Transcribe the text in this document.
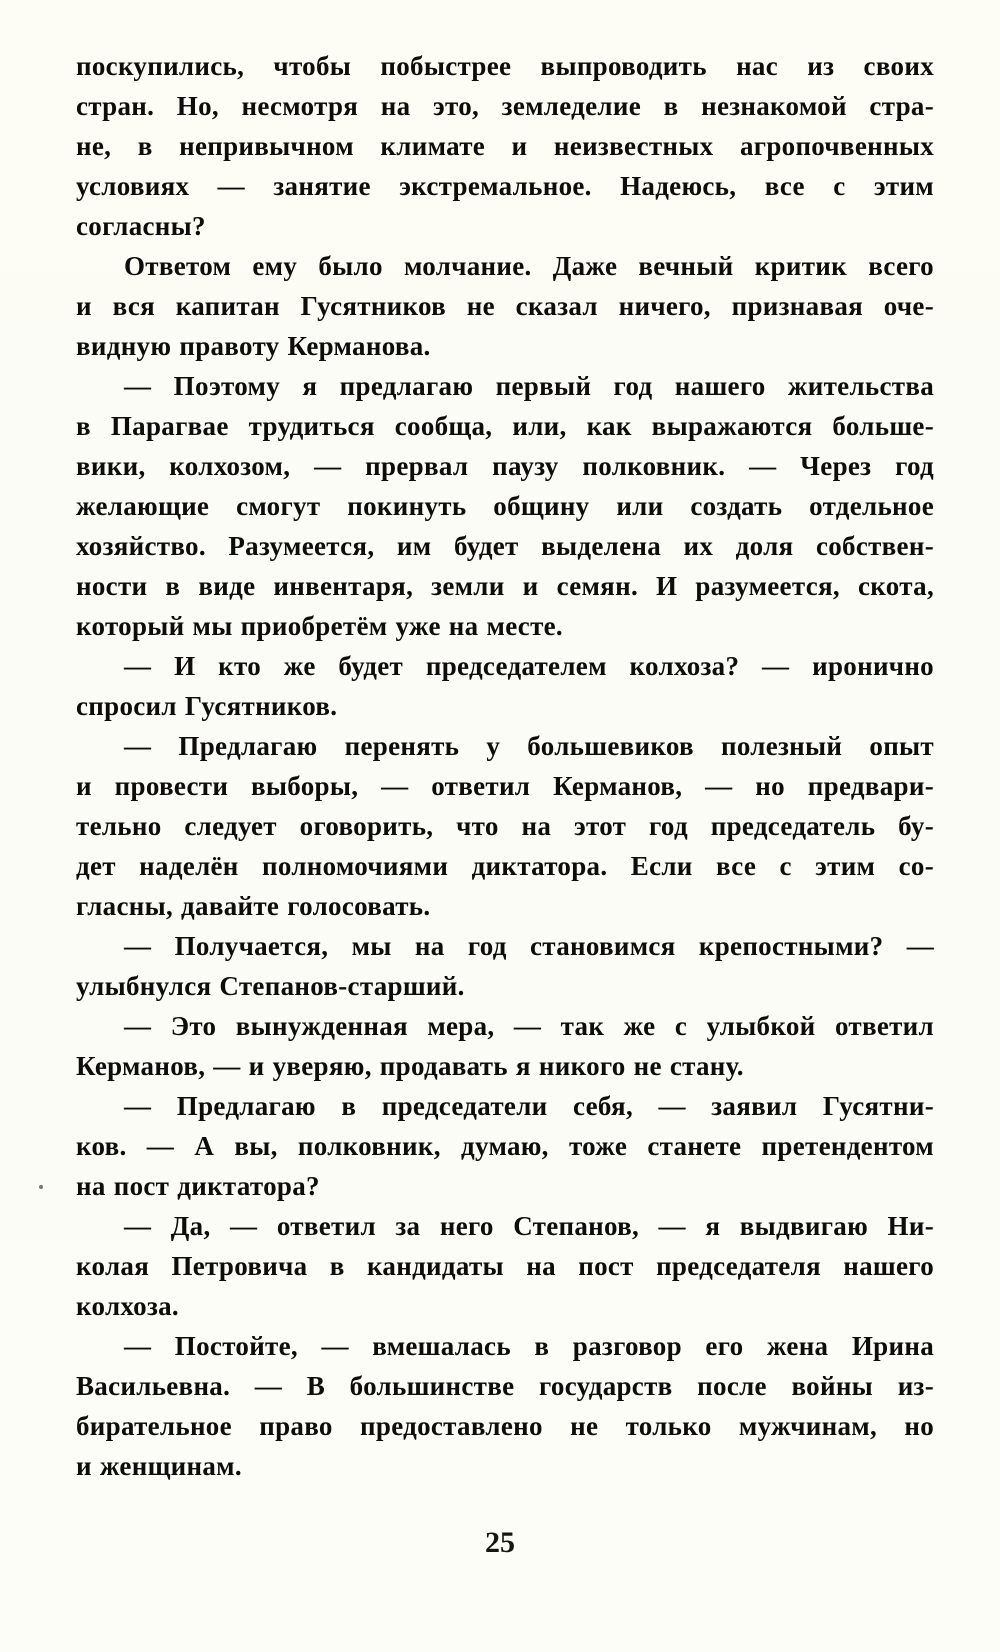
поскупились, чтобы побыстрее выпроводить нас из своих
стран. Но, несмотря на это, земледелие в незнакомой стра-
не, в непривычном климате и неизвестных агропочвенных
условиях — занятие экстремальное. Надеюсь, все с этим
согласны?
Ответом ему было молчание. Даже вечный критик всего
и вся капитан Гусятников не сказал ничего, признавая оче-
видную правоту Керманова.
— Поэтому я предлагаю первый год нашего жительства
в Парагвае трудиться сообща, или, как выражаются больше-
вики, колхозом, — прервал паузу полковник. — Через год
желающие смогут покинуть общину или создать отдельное
хозяйство. Разумеется, им будет выделена их доля собствен-
ности в виде инвентаря, земли и семян. И разумеется, скота,
который мы приобретём уже на месте.
— И кто же будет председателем колхоза? — иронично
спросил Гусятников.
— Предлагаю перенять у большевиков полезный опыт
и провести выборы, — ответил Керманов, — но предвари-
тельно следует оговорить, что на этот год председатель бу-
дет наделён полномочиями диктатора. Если все с этим со-
гласны, давайте голосовать.
— Получается, мы на год становимся крепостными? —
улыбнулся Степанов-старший.
— Это вынужденная мера, — так же с улыбкой ответил
Керманов, — и уверяю, продавать я никого не стану.
— Предлагаю в председатели себя, — заявил Гусятни-
ков. — А вы, полковник, думаю, тоже станете претендентом
на пост диктатора?
— Да, — ответил за него Степанов, — я выдвигаю Ни-
колая Петровича в кандидаты на пост председателя нашего
колхоза.
— Постойте, — вмешалась в разговор его жена Ирина
Васильевна. — В большинстве государств после войны из-
бирательное право предоставлено не только мужчинам, но
и женщинам.
25
